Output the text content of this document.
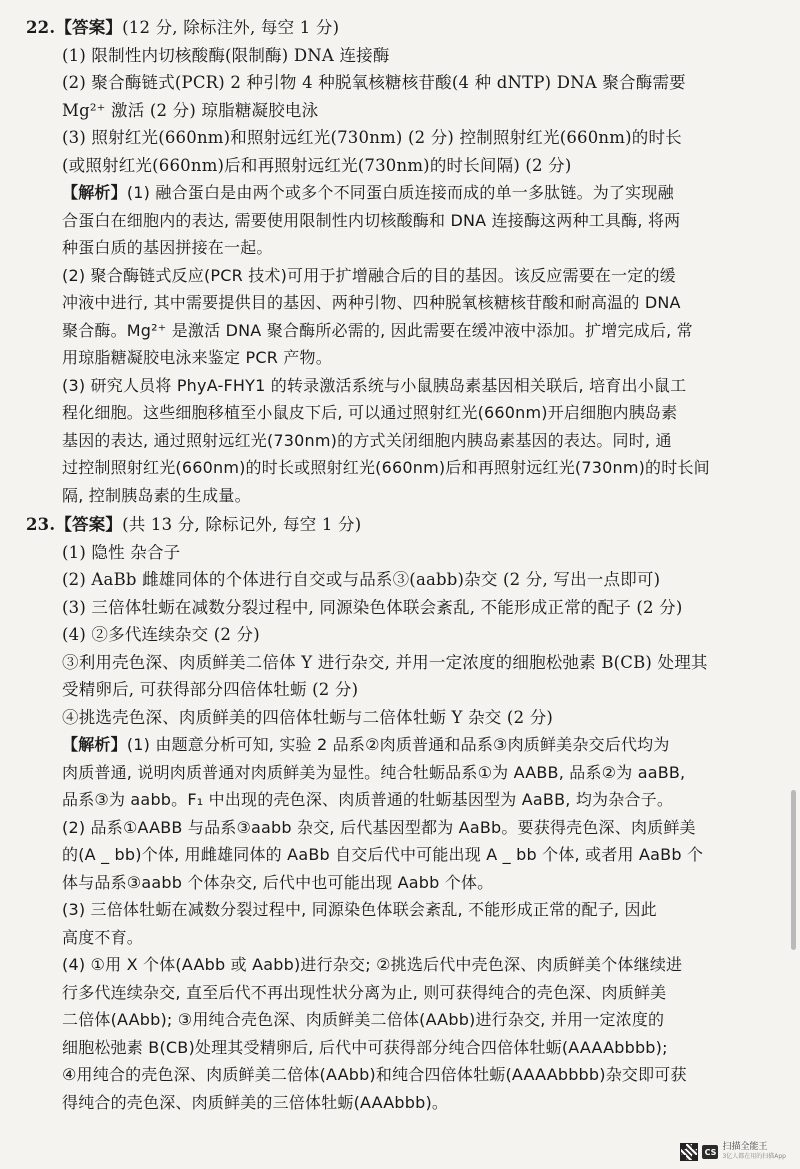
22.【答案】(12 分, 除标注外, 每空 1 分)
(1) 限制性内切核酸酶(限制酶) DNA 连接酶
(2) 聚合酶链式(PCR) 2 种引物 4 种脱氧核糖核苷酸(4 种 dNTP) DNA 聚合酶需要
Mg²⁺ 激活 (2 分) 琼脂糖凝胶电泳
(3) 照射红光(660nm)和照射远红光(730nm) (2 分) 控制照射红光(660nm)的时长
(或照射红光(660nm)后和再照射远红光(730nm)的时长间隔) (2 分)
【解析】(1) 融合蛋白是由两个或多个不同蛋白质连接而成的单一多肽链。为了实现融
合蛋白在细胞内的表达, 需要使用限制性内切核酸酶和 DNA 连接酶这两种工具酶, 将两
种蛋白质的基因拼接在一起。
(2) 聚合酶链式反应(PCR 技术)可用于扩增融合后的目的基因。该反应需要在一定的缓
冲液中进行, 其中需要提供目的基因、两种引物、四种脱氧核糖核苷酸和耐高温的 DNA
聚合酶。Mg²⁺ 是激活 DNA 聚合酶所必需的, 因此需要在缓冲液中添加。扩增完成后, 常
用琼脂糖凝胶电泳来鉴定 PCR 产物。
(3) 研究人员将 PhyA-FHY1 的转录激活系统与小鼠胰岛素基因相关联后, 培育出小鼠工
程化细胞。这些细胞移植至小鼠皮下后, 可以通过照射红光(660nm)开启细胞内胰岛素
基因的表达, 通过照射远红光(730nm)的方式关闭细胞内胰岛素基因的表达。同时, 通
过控制照射红光(660nm)的时长或照射红光(660nm)后和再照射远红光(730nm)的时长间
隔, 控制胰岛素的生成量。
23.【答案】(共 13 分, 除标记外, 每空 1 分)
(1) 隐性 杂合子
(2) AaBb 雌雄同体的个体进行自交或与品系③(aabb)杂交 (2 分, 写出一点即可)
(3) 三倍体牡蛎在减数分裂过程中, 同源染色体联会紊乱, 不能形成正常的配子 (2 分)
(4) ②多代连续杂交 (2 分)
③利用壳色深、肉质鲜美二倍体 Y 进行杂交, 并用一定浓度的细胞松弛素 B(CB) 处理其
受精卵后, 可获得部分四倍体牡蛎 (2 分)
④挑选壳色深、肉质鲜美的四倍体牡蛎与二倍体牡蛎 Y 杂交 (2 分)
【解析】(1) 由题意分析可知, 实验 2 品系②肉质普通和品系③肉质鲜美杂交后代均为
肉质普通, 说明肉质普通对肉质鲜美为显性。纯合牡蛎品系①为 AABB, 品系②为 aaBB,
品系③为 aabb。F₁ 中出现的壳色深、肉质普通的牡蛎基因型为 AaBB, 均为杂合子。
(2) 品系①AABB 与品系③aabb 杂交, 后代基因型都为 AaBb。要获得壳色深、肉质鲜美
的(A _ bb)个体, 用雌雄同体的 AaBb 自交后代中可能出现 A _ bb 个体, 或者用 AaBb 个
体与品系③aabb 个体杂交, 后代中也可能出现 Aabb 个体。
(3) 三倍体牡蛎在减数分裂过程中, 同源染色体联会紊乱, 不能形成正常的配子, 因此
高度不育。
(4) ①用 X 个体(AAbb 或 Aabb)进行杂交; ②挑选后代中壳色深、肉质鲜美个体继续进
行多代连续杂交, 直至后代不再出现性状分离为止, 则可获得纯合的壳色深、肉质鲜美
二倍体(AAbb); ③用纯合壳色深、肉质鲜美二倍体(AAbb)进行杂交, 并用一定浓度的
细胞松弛素 B(CB)处理其受精卵后, 后代中可获得部分纯合四倍体牡蛎(AAAAbbbb);
④用纯合的壳色深、肉质鲜美二倍体(AAbb)和纯合四倍体牡蛎(AAAAbbbb)杂交即可获
得纯合的壳色深、肉质鲜美的三倍体牡蛎(AAAbbb)。
CS 扫描全能王
3亿人都在用的扫描App
